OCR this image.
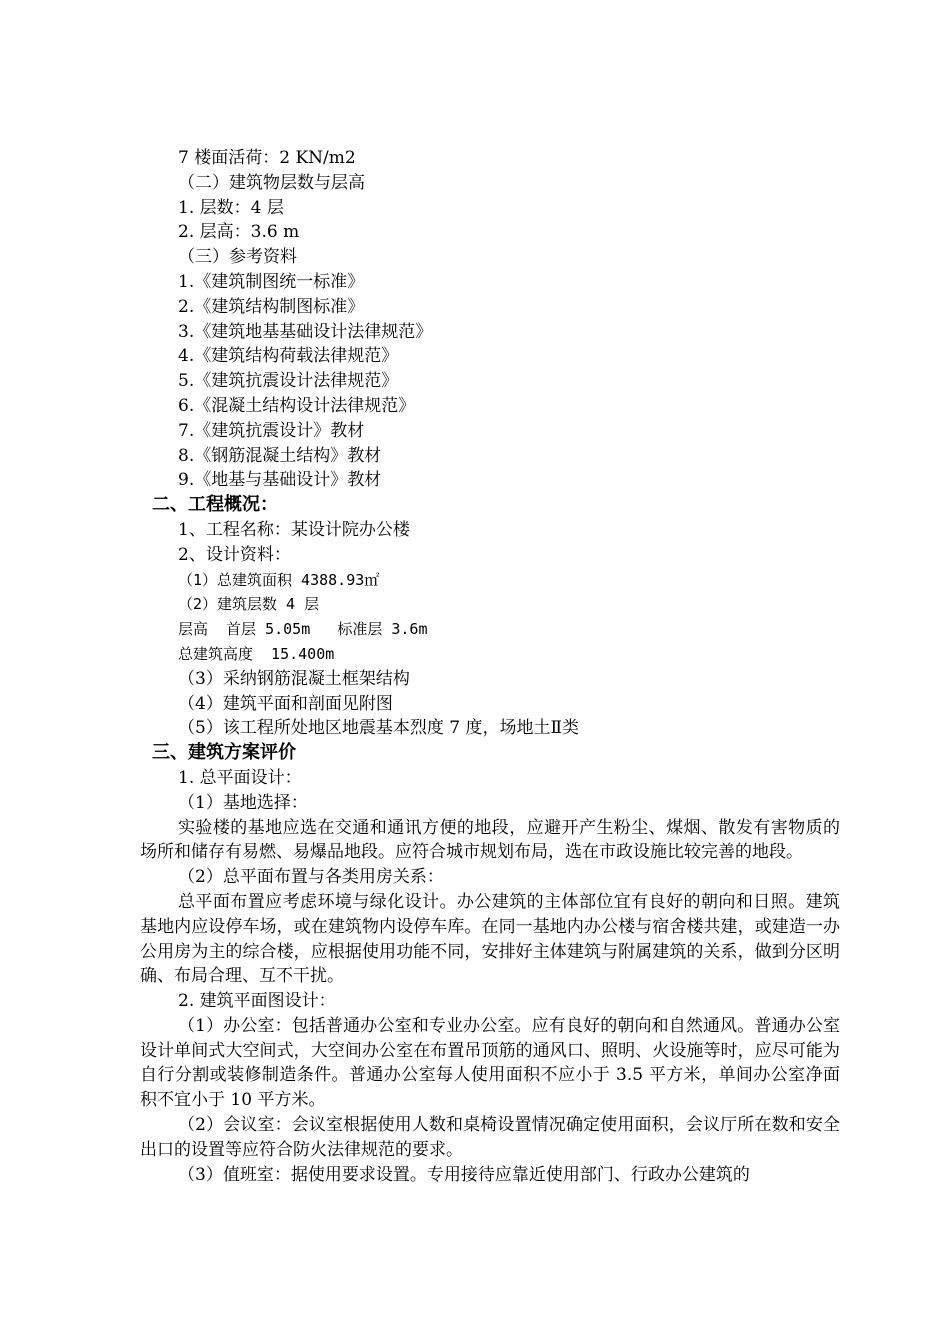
7 楼面活荷：2 KN/m2
（二）建筑物层数与层高
1. 层数：4 层
2. 层高：3.6 m
（三）参考资料
1.《建筑制图统一标准》
2.《建筑结构制图标准》
3.《建筑地基基础设计法律规范》
4.《建筑结构荷载法律规范》
5.《建筑抗震设计法律规范》
6.《混凝土结构设计法律规范》
7.《建筑抗震设计》教材
8.《钢筋混凝土结构》教材
9.《地基与基础设计》教材
二、工程概况：
1、工程名称：某设计院办公楼
2、设计资料：
（1）总建筑面积 4388.93㎡
（2）建筑层数 4 层
层高  首层 5.05m   标准层 3.6m
总建筑高度  15.400m
（3）采纳钢筋混凝土框架结构
（4）建筑平面和剖面见附图
（5）该工程所处地区地震基本烈度 7 度，场地土Ⅱ类
三、建筑方案评价
1. 总平面设计：
（1）基地选择：
实验楼的基地应选在交通和通讯方便的地段，应避开产生粉尘、煤烟、散发有害物质的场所和储存有易燃、易爆品地段。应符合城市规划布局，选在市政设施比较完善的地段。
（2）总平面布置与各类用房关系：
总平面布置应考虑环境与绿化设计。办公建筑的主体部位宜有良好的朝向和日照。建筑基地内应设停车场，或在建筑物内设停车库。在同一基地内办公楼与宿舍楼共建，或建造一办公用房为主的综合楼，应根据使用功能不同，安排好主体建筑与附属建筑的关系，做到分区明确、布局合理、互不干扰。
2. 建筑平面图设计：
（1）办公室：包括普通办公室和专业办公室。应有良好的朝向和自然通风。普通办公室设计单间式大空间式，大空间办公室在布置吊顶筋的通风口、照明、火设施等时，应尽可能为自行分割或装修制造条件。普通办公室每人使用面积不应小于 3.5 平方米，单间办公室净面积不宜小于 10 平方米。
（2）会议室：会议室根据使用人数和桌椅设置情况确定使用面积，会议厅所在数和安全出口的设置等应符合防火法律规范的要求。
（3）值班室：据使用要求设置。专用接待应靠近使用部门、行政办公建筑的
